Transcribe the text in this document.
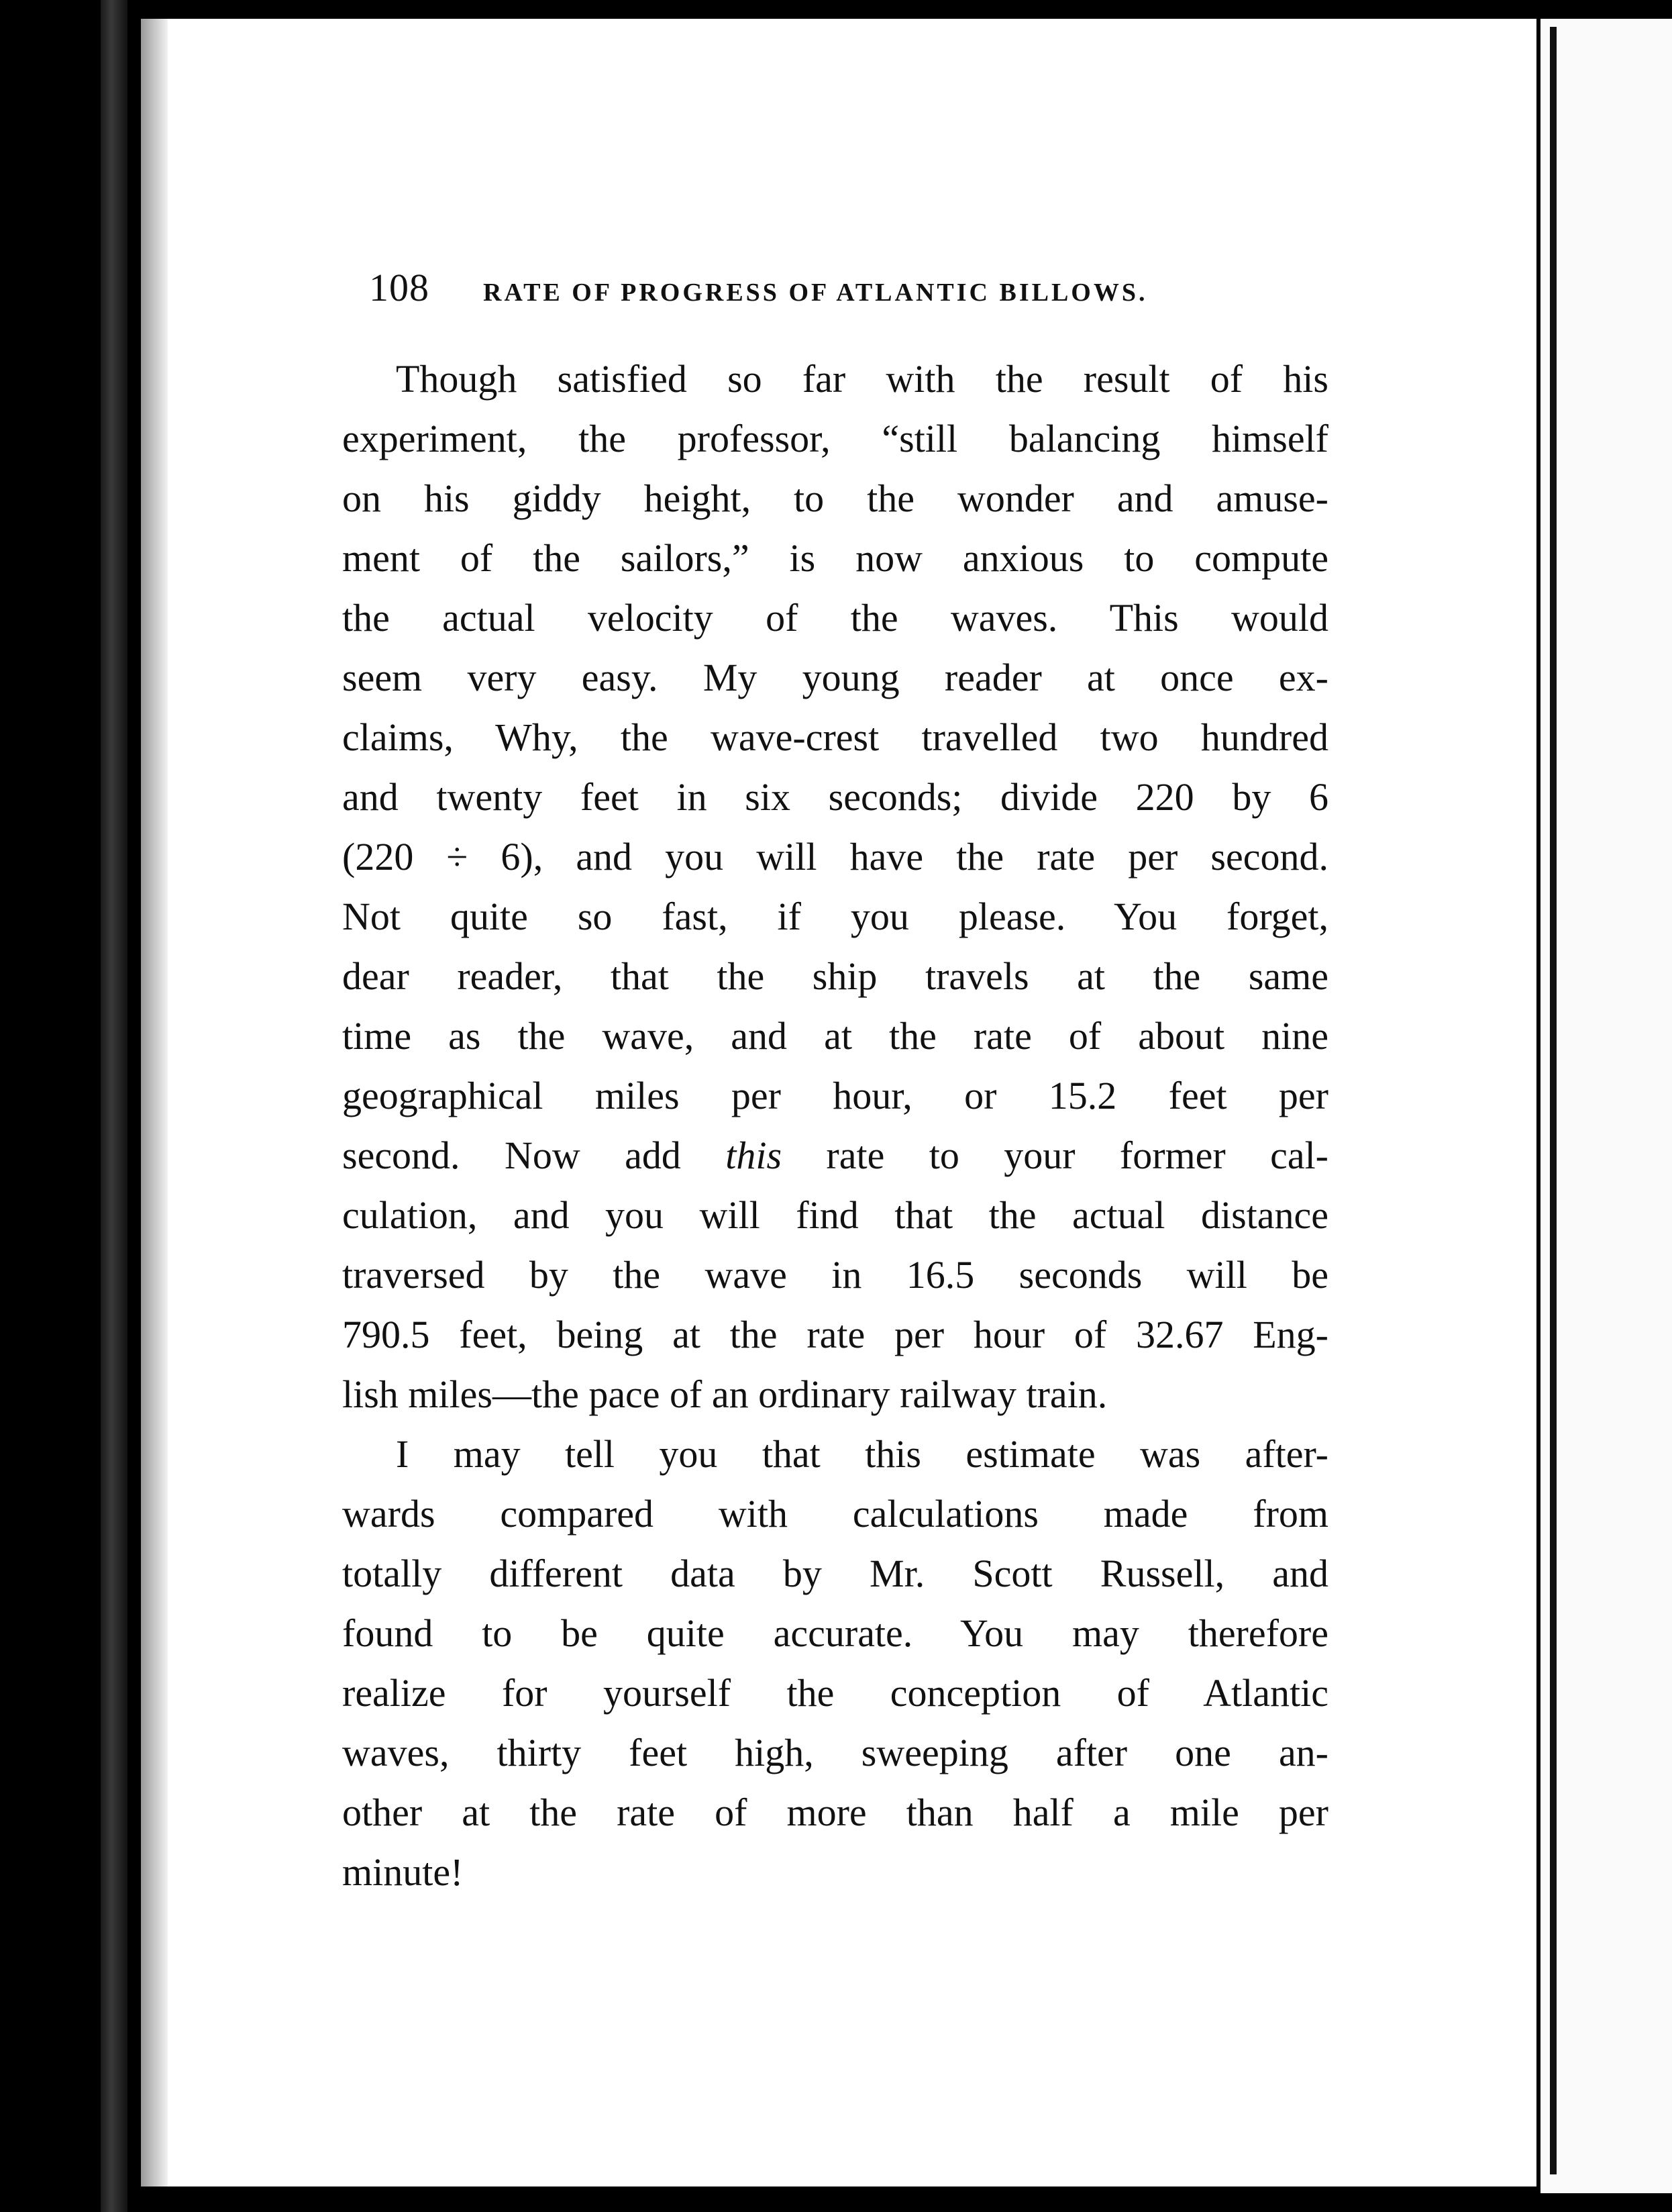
108 RATE OF PROGRESS OF ATLANTIC BILLOWS.
Though satisfied so far with the result of his
experiment, the professor, “still balancing himself
on his giddy height, to the wonder and amuse-
ment of the sailors,” is now anxious to compute
the actual velocity of the waves. This would
seem very easy. My young reader at once ex-
claims, Why, the wave-crest travelled two hundred
and twenty feet in six seconds; divide 220 by 6
(220 ÷ 6), and you will have the rate per second.
Not quite so fast, if you please. You forget,
dear reader, that the ship travels at the same
time as the wave, and at the rate of about nine
geographical miles per hour, or 15.2 feet per
second. Now add this rate to your former cal-
culation, and you will find that the actual distance
traversed by the wave in 16.5 seconds will be
790.5 feet, being at the rate per hour of 32.67 Eng-
lish miles—the pace of an ordinary railway train.
I may tell you that this estimate was after-
wards compared with calculations made from
totally different data by Mr. Scott Russell, and
found to be quite accurate. You may therefore
realize for yourself the conception of Atlantic
waves, thirty feet high, sweeping after one an-
other at the rate of more than half a mile per
minute!
